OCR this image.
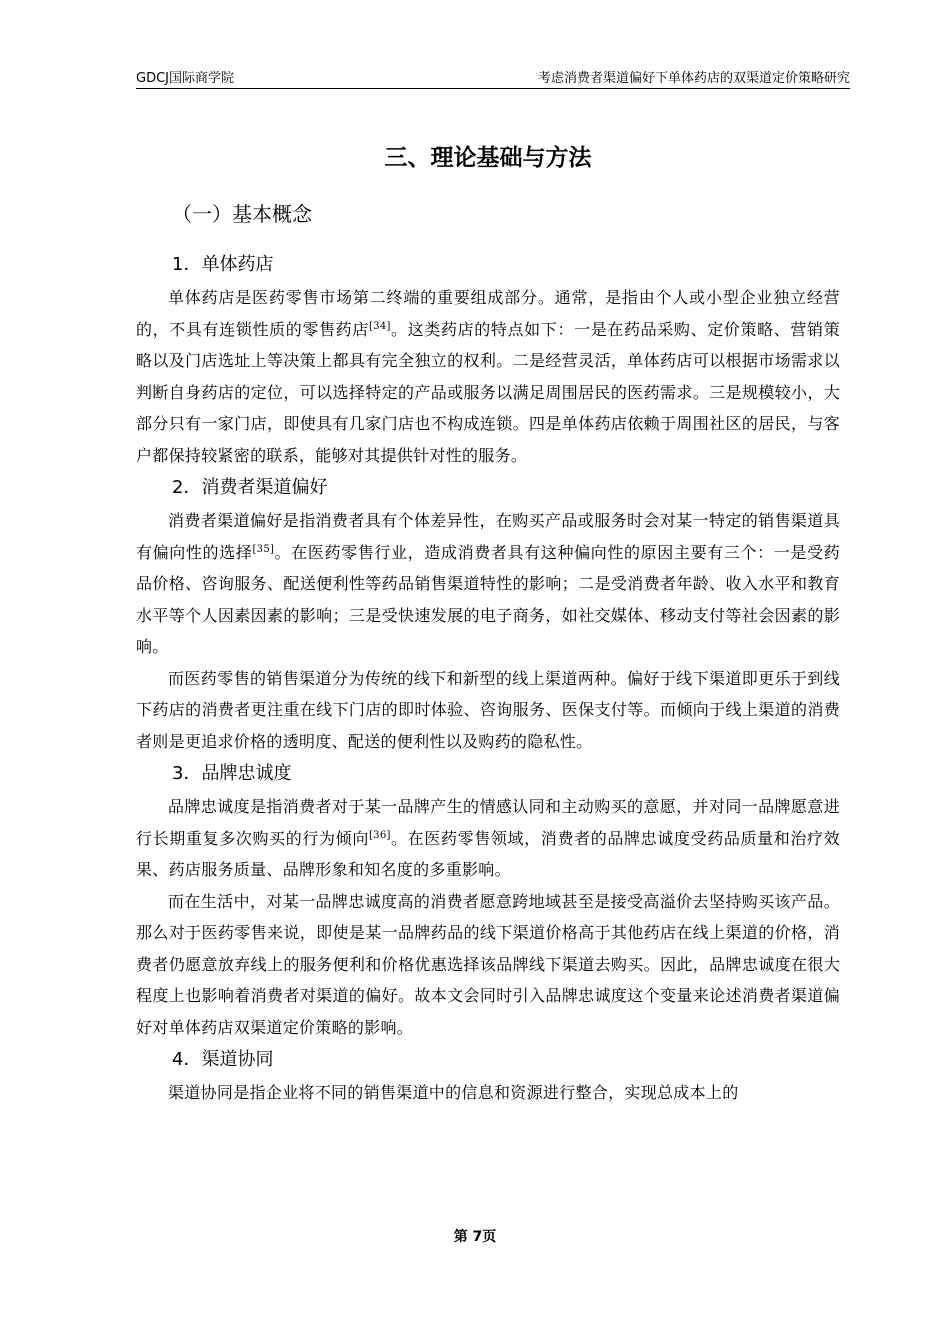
GDCJ国际商学院	考虑消费者渠道偏好下单体药店的双渠道定价策略研究
三、理论基础与方法
（一）基本概念
1．单体药店

单体药店是医药零售市场第二终端的重要组成部分。通常，是指由个人或小型企业独立经营的，不具有连锁性质的零售药店[34]。这类药店的特点如下：一是在药品采购、定价策略、营销策略以及门店选址上等决策上都具有完全独立的权利。二是经营灵活，单体药店可以根据市场需求以判断自身药店的定位，可以选择特定的产品或服务以满足周围居民的医药需求。三是规模较小，大部分只有一家门店，即使具有几家门店也不构成连锁。四是单体药店依赖于周围社区的居民，与客户都保持较紧密的联系，能够对其提供针对性的服务。

2．消费者渠道偏好

消费者渠道偏好是指消费者具有个体差异性，在购买产品或服务时会对某一特定的销售渠道具有偏向性的选择[35]。在医药零售行业，造成消费者具有这种偏向性的原因主要有三个：一是受药品价格、咨询服务、配送便利性等药品销售渠道特性的影响；二是受消费者年龄、收入水平和教育水平等个人因素因素的影响；三是受快速发展的电子商务，如社交媒体、移动支付等社会因素的影响。

而医药零售的销售渠道分为传统的线下和新型的线上渠道两种。偏好于线下渠道即更乐于到线下药店的消费者更注重在线下门店的即时体验、咨询服务、医保支付等。而倾向于线上渠道的消费者则是更追求价格的透明度、配送的便利性以及购药的隐私性。

3．品牌忠诚度

品牌忠诚度是指消费者对于某一品牌产生的情感认同和主动购买的意愿，并对同一品牌愿意进行长期重复多次购买的行为倾向[36]。在医药零售领域，消费者的品牌忠诚度受药品质量和治疗效果、药店服务质量、品牌形象和知名度的多重影响。

而在生活中，对某一品牌忠诚度高的消费者愿意跨地域甚至是接受高溢价去坚持购买该产品。那么对于医药零售来说，即使是某一品牌药品的线下渠道价格高于其他药店在线上渠道的价格，消费者仍愿意放弃线上的服务便利和价格优惠选择该品牌线下渠道去购买。因此，品牌忠诚度在很大程度上也影响着消费者对渠道的偏好。故本文会同时引入品牌忠诚度这个变量来论述消费者渠道偏好对单体药店双渠道定价策略的影响。

4．渠道协同

渠道协同是指企业将不同的销售渠道中的信息和资源进行整合，实现总成本上的

第 7页
